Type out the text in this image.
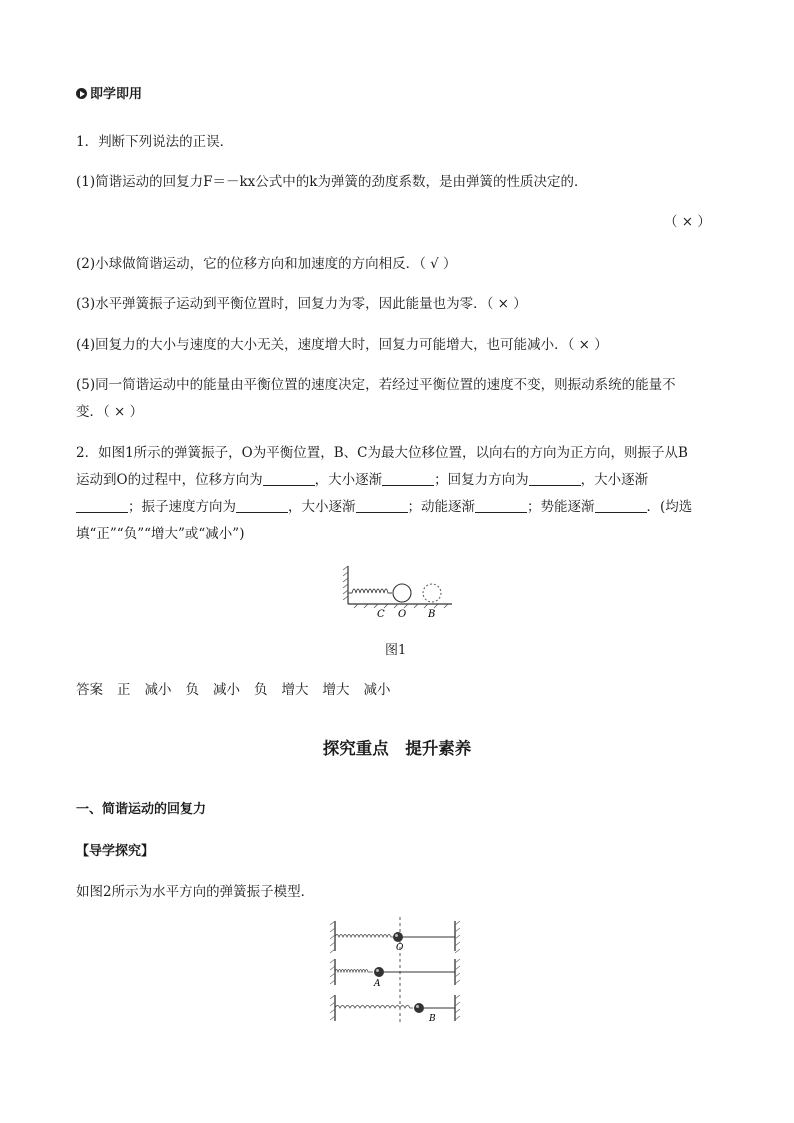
即学即用
1．判断下列说法的正误．
(1)简谐运动的回复力F＝－kx公式中的k为弹簧的劲度系数，是由弹簧的性质决定的．
（ × ）
(2)小球做简谐运动，它的位移方向和加速度的方向相反．（ √ ）
(3)水平弹簧振子运动到平衡位置时，回复力为零，因此能量也为零．（ × ）
(4)回复力的大小与速度的大小无关，速度增大时，回复力可能增大，也可能减小．（ × ）
(5)同一简谐运动中的能量由平衡位置的速度决定，若经过平衡位置的速度不变，则振动系统的能量不
变．（ × ）
2．如图1所示的弹簧振子，O为平衡位置，B、C为最大位移位置，以向右的方向为正方向，则振子从B
运动到O的过程中，位移方向为	，大小逐渐	；回复力方向为	，大小逐渐
；振子速度方向为	，大小逐渐	；动能逐渐	；势能逐渐	．(均选
填“正”“负”“增大”或“减小”)
C O B
图1
答案 正 减小 负 减小 负 增大 增大 减小
探究重点　提升素养
一、简谐运动的回复力
【导学探究】
如图2所示为水平方向的弹簧振子模型．
O
A
B
